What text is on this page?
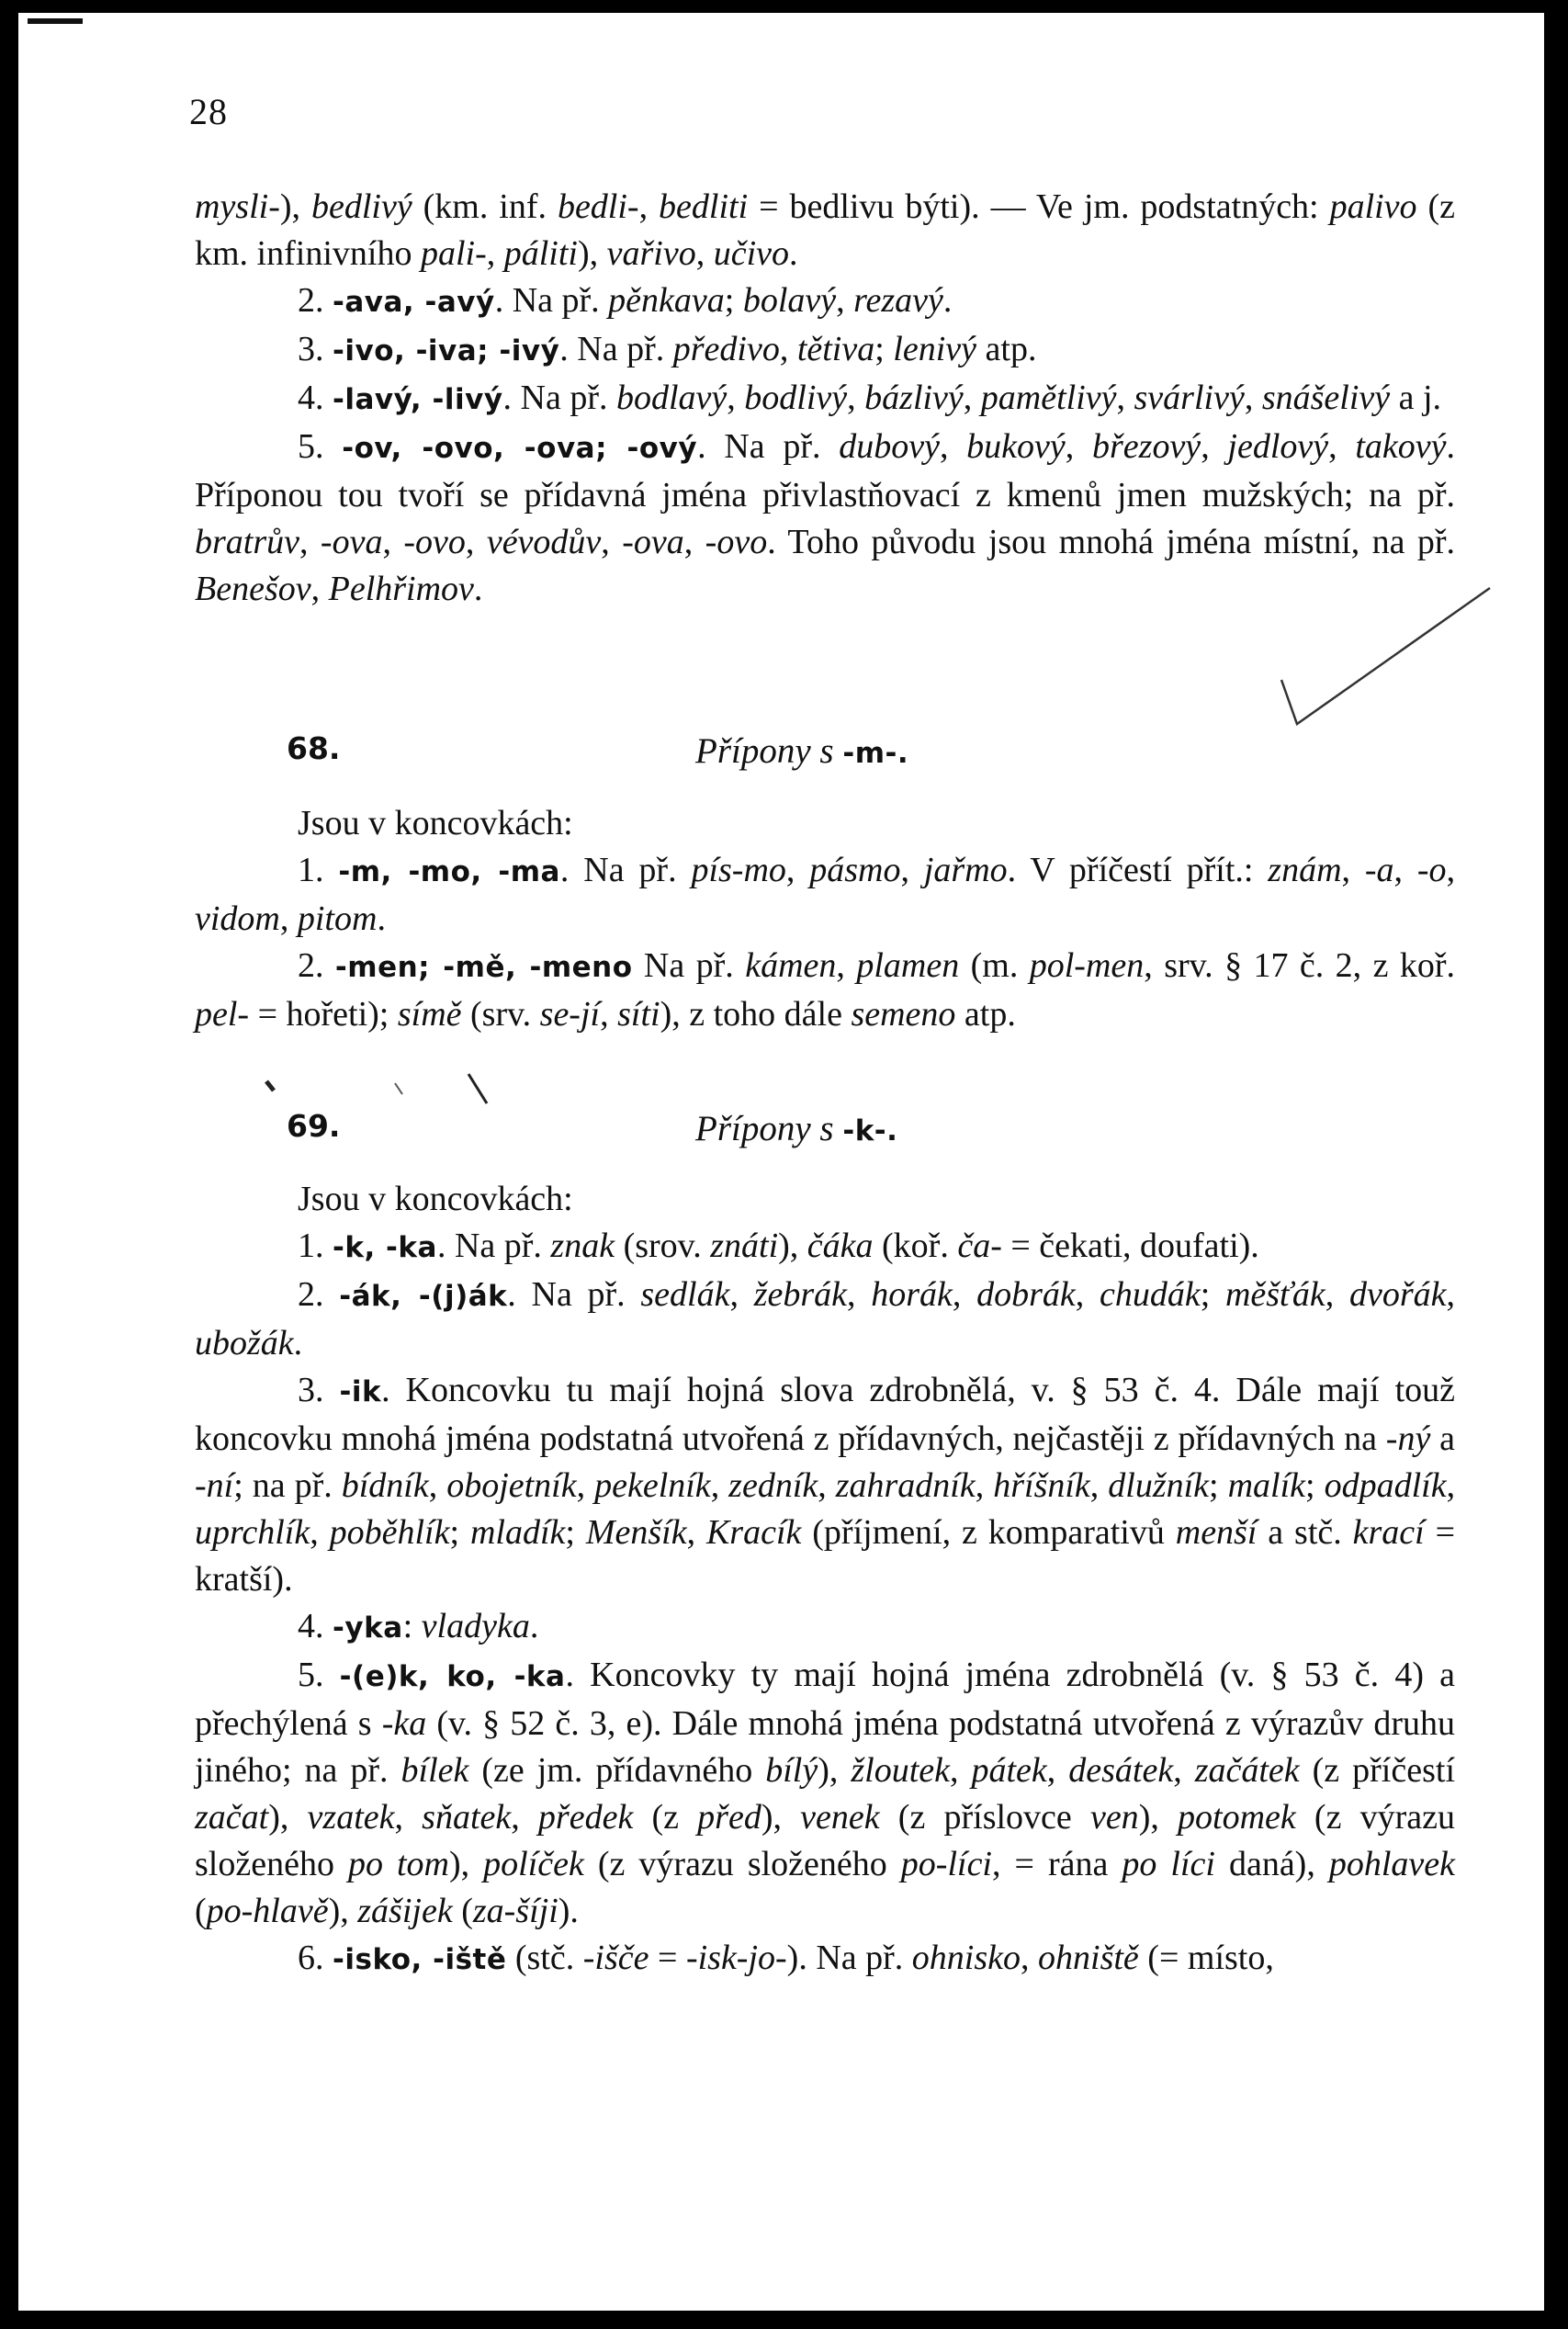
28

mysli-), bedlivý (km. inf. bedli-, bedliti = bedlivu býti). — Ve jm. podstatných: palivo (z km. infinivního pali-, páliti), vařivo, učivo.

2. -ava, -avý. Na př. pěnkava; bolavý, rezavý.

3. -ivo, -iva; -ivý. Na př. předivo, tětiva; lenivý atp.

4. -lavý, -livý. Na př. bodlavý, bodlivý, bázlivý, pamětlivý, svárlivý, snášelivý a j.

5. -ov, -ovo, -ova; -ový. Na př. dubový, bukový, březový, jedlový, takový. Příponou tou tvoří se přídavná jména přivlastňovací z kmenů jmen mužských; na př. bratrův, -ova, -ovo, vévodův, -ova, -ovo. Toho původu jsou mnohá jména místní, na př. Benešov, Pelhřimov.

68.	Přípony s -m-.

Jsou v koncovkách:

1. -m, -mo, -ma. Na př. pís-mo, pásmo, jařmo. V příčestí přít.: znám, -a, -o, vidom, pitom.

2. -men; -mě, -meno Na př. kámen, plamen (m. pol-men, srv. § 17 č. 2, z koř. pel- = hořeti); símě (srv. se-jí, síti), z toho dále semeno atp.

69.	Přípony s -k-.

Jsou v koncovkách:

1. -k, -ka. Na př. znak (srov. znáti), čáka (koř. ča- = čekati, doufati).

2. -ák, -(j)ák. Na př. sedlák, žebrák, horák, dobrák, chudák; měšťák, dvořák, ubožák.

3. -ik. Koncovku tu mají hojná slova zdrobnělá, v. § 53 č. 4. Dále mají touž koncovku mnohá jména podstatná utvořená z přídavných, nejčastěji z přídavných na -ný a -ní; na př. bídník, obojetník, pekelník, zedník, zahradník, hříšník, dlužník; malík; odpadlík, uprchlík, poběhlík; mladík; Menšík, Kracík (příjmení, z komparativů menší a stč. krací = kratší).

4. -yka: vladyka.

5. -(e)k, ko, -ka. Koncovky ty mají hojná jména zdrobnělá (v. § 53 č. 4) a přechýlená s -ka (v. § 52 č. 3, e). Dále mnohá jména podstatná utvořená z výrazův druhu jiného; na př. bílek (ze jm. přídavného bílý), žloutek, pátek, desátek, začátek (z příčestí začat), vzatek, sňatek, předek (z před), venek (z příslovce ven), potomek (z výrazu složeného po tom), políček (z výrazu složeného po-líci, = rána po líci daná), pohlavek (po-hlavě), zášijek (za-šíji).

6. -isko, -iště (stč. -išče = -isk-jo-). Na př. ohnisko, ohniště (= místo,
